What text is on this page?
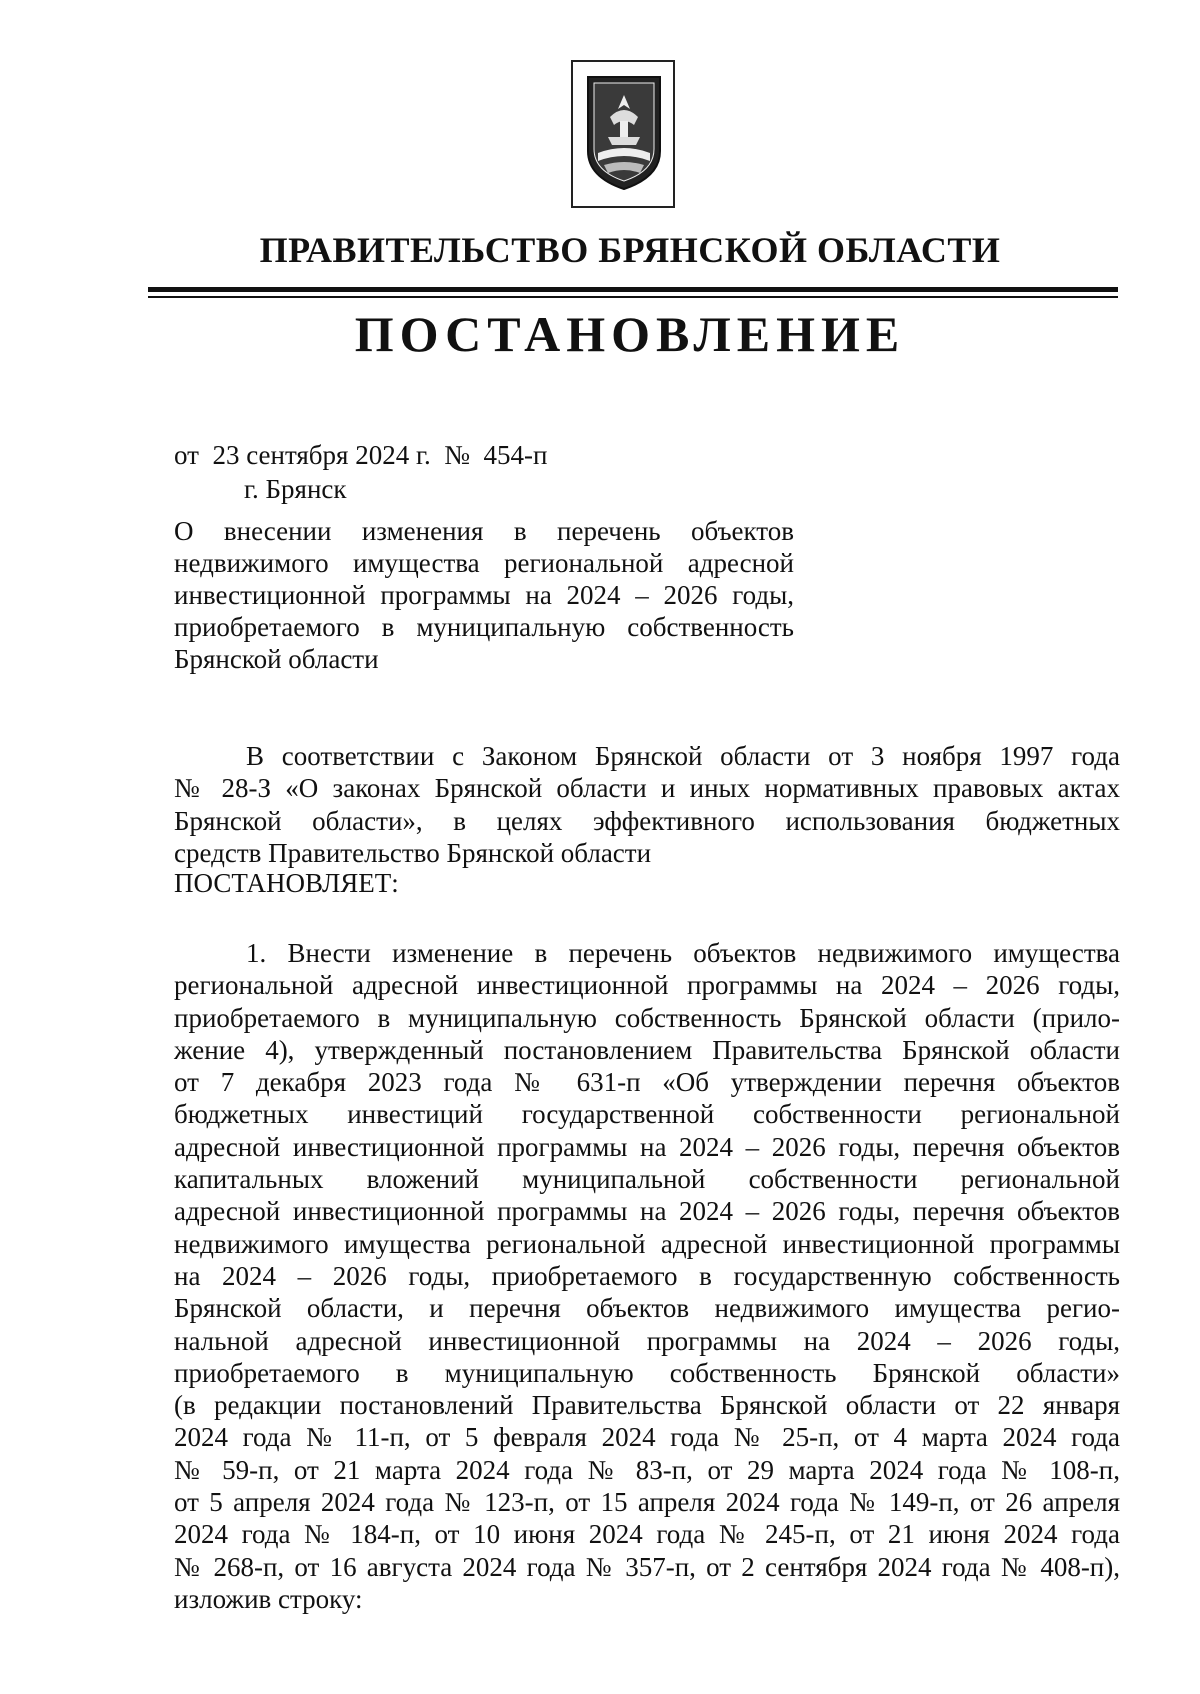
ПРАВИТЕЛЬСТВО БРЯНСКОЙ ОБЛАСТИ
ПОСТАНОВЛЕНИЕ
от  23 сентября 2024 г.  №  454-п
г. Брянск
О внесении изменения в перечень объектов
недвижимого имущества региональной адресной
инвестиционной программы на 2024 – 2026 годы,
приобретаемого в муниципальную собственность
Брянской области
В соответствии с Законом Брянской области от 3 ноября 1997 года
№ 28-З «О законах Брянской области и иных нормативных правовых актах
Брянской области», в целях эффективного использования бюджетных
средств Правительство Брянской области
ПОСТАНОВЛЯЕТ:
1. Внести изменение в перечень объектов недвижимого имущества
региональной адресной инвестиционной программы на 2024 – 2026 годы,
приобретаемого в муниципальную собственность Брянской области (прило-
жение 4), утвержденный постановлением Правительства Брянской области
от 7 декабря 2023 года № 631-п «Об утверждении перечня объектов
бюджетных инвестиций государственной собственности региональной
адресной инвестиционной программы на 2024 – 2026 годы, перечня объектов
капитальных вложений муниципальной собственности региональной
адресной инвестиционной программы на 2024 – 2026 годы, перечня объектов
недвижимого имущества региональной адресной инвестиционной программы
на 2024 – 2026 годы, приобретаемого в государственную собственность
Брянской области, и перечня объектов недвижимого имущества регио-
нальной адресной инвестиционной программы на 2024 – 2026 годы,
приобретаемого в муниципальную собственность Брянской области»
(в редакции постановлений Правительства Брянской области от 22 января
2024 года № 11-п, от 5 февраля 2024 года № 25-п, от 4 марта 2024 года
№ 59-п, от 21 марта 2024 года № 83-п, от 29 марта 2024 года № 108-п,
от 5 апреля 2024 года № 123-п, от 15 апреля 2024 года № 149-п, от 26 апреля
2024 года № 184-п, от 10 июня 2024 года № 245-п, от 21 июня 2024 года
№ 268-п, от 16 августа 2024 года № 357-п, от 2 сентября 2024 года № 408-п),
изложив строку:
